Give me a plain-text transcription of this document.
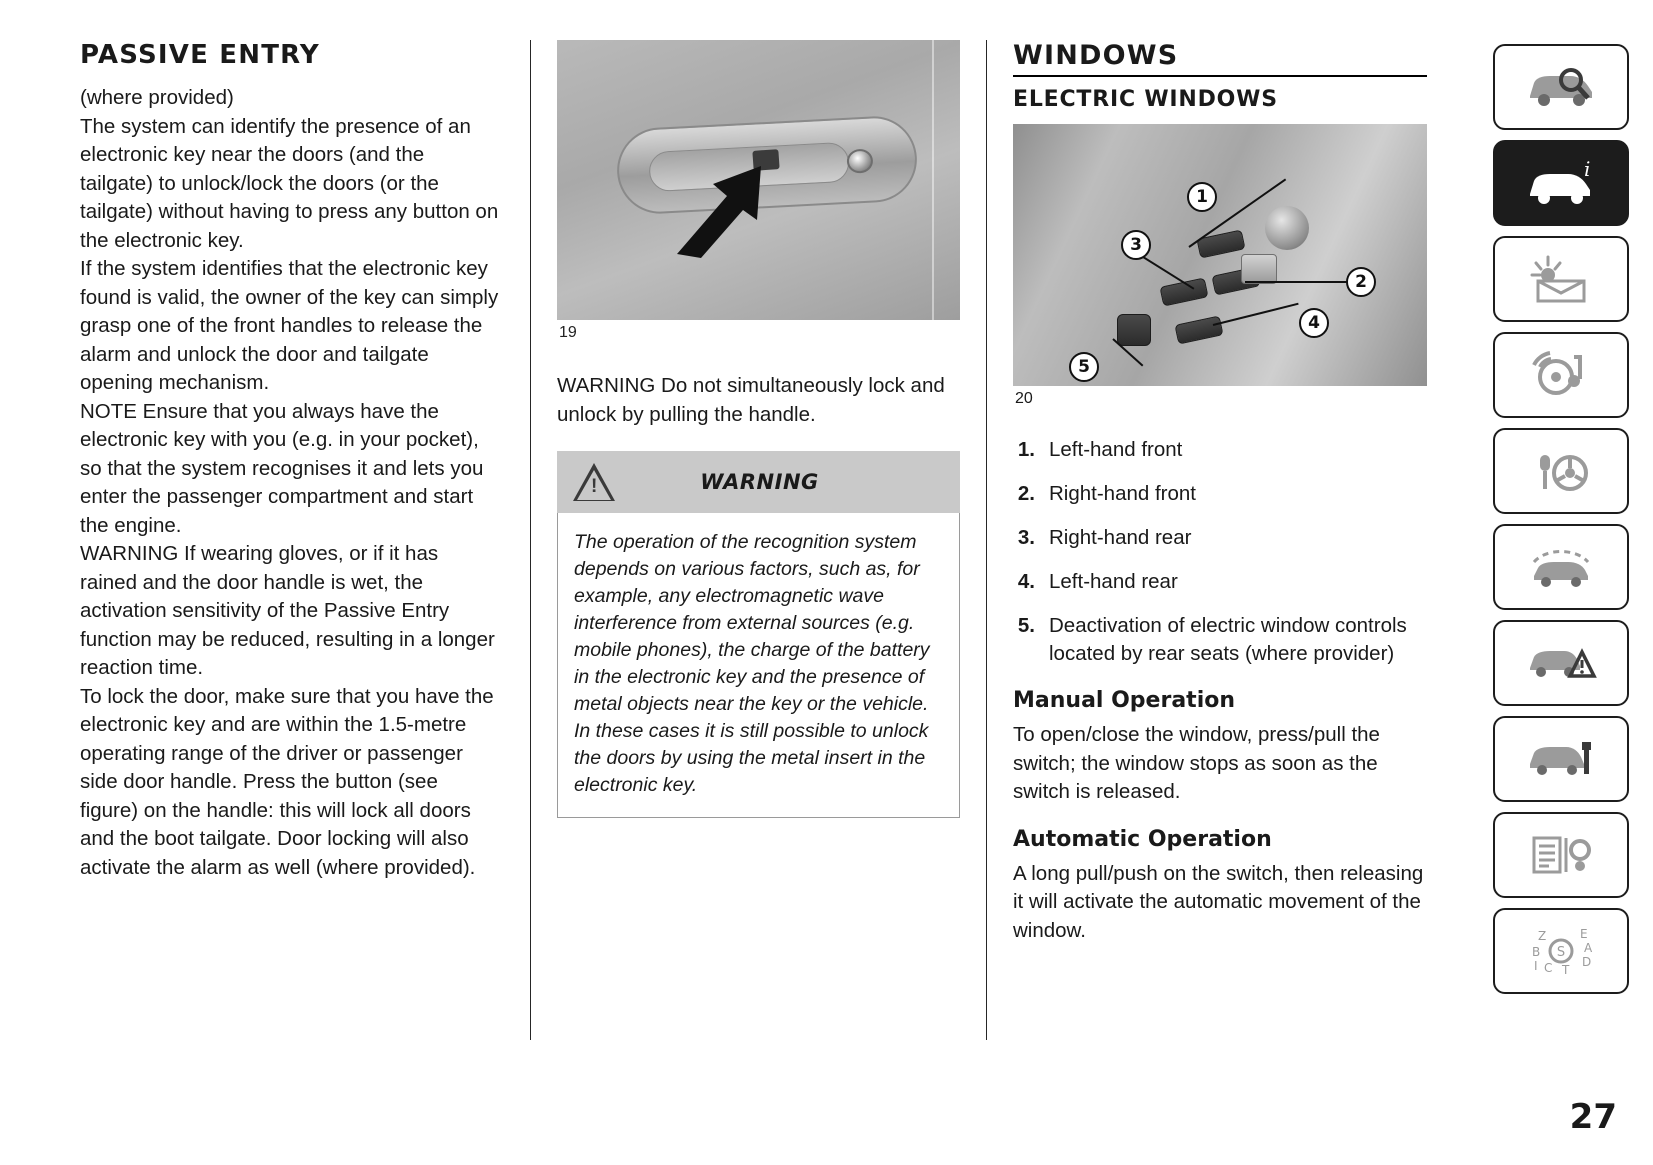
PASSIVE ENTRY

(where provided)

The system can identify the presence of an electronic key near the doors (and the tailgate) to unlock/lock the doors (or the tailgate) without having to press any button on the electronic key.

If the system identifies that the electronic key found is valid, the owner of the key can simply grasp one of the front handles to release the alarm and unlock the door and tailgate opening mechanism.

NOTE Ensure that you always have the electronic key with you (e.g. in your pocket), so that the system recognises it and lets you enter the passenger compartment and start the engine.

WARNING If wearing gloves, or if it has rained and the door handle is wet, the activation sensitivity of the Passive Entry function may be reduced, resulting in a longer reaction time.

To lock the door, make sure that you have the electronic key and are within the 1.5-metre operating range of the driver or passenger side door handle. Press the button (see figure) on the handle: this will lock all doors and the boot tailgate. Door locking will also activate the alarm as well (where provided).

19
WARNING Do not simultaneously lock and unlock by pulling the handle.
!	WARNING
The operation of the recognition system depends on various factors, such as, for example, any electromagnetic wave interference from external sources (e.g. mobile phones), the charge of the battery in the electronic key and the presence of metal objects near the key or the vehicle. In these cases it is still possible to unlock the doors by using the metal insert in the electronic key.
WINDOWS
ELECTRIC WINDOWS
1
2
3
4
5
20
1. Left-hand front
2. Right-hand front
3. Right-hand rear
4. Left-hand rear
5. Deactivation of electric window controls located by rear seats (where provider)
Manual Operation
To open/close the window, press/pull the switch; the window stops as soon as the switch is released.
Automatic Operation
A long pull/push on the switch, then releasing it will activate the automatic movement of the window.
i
S
Z
B
I C
E
A
D
T
27
